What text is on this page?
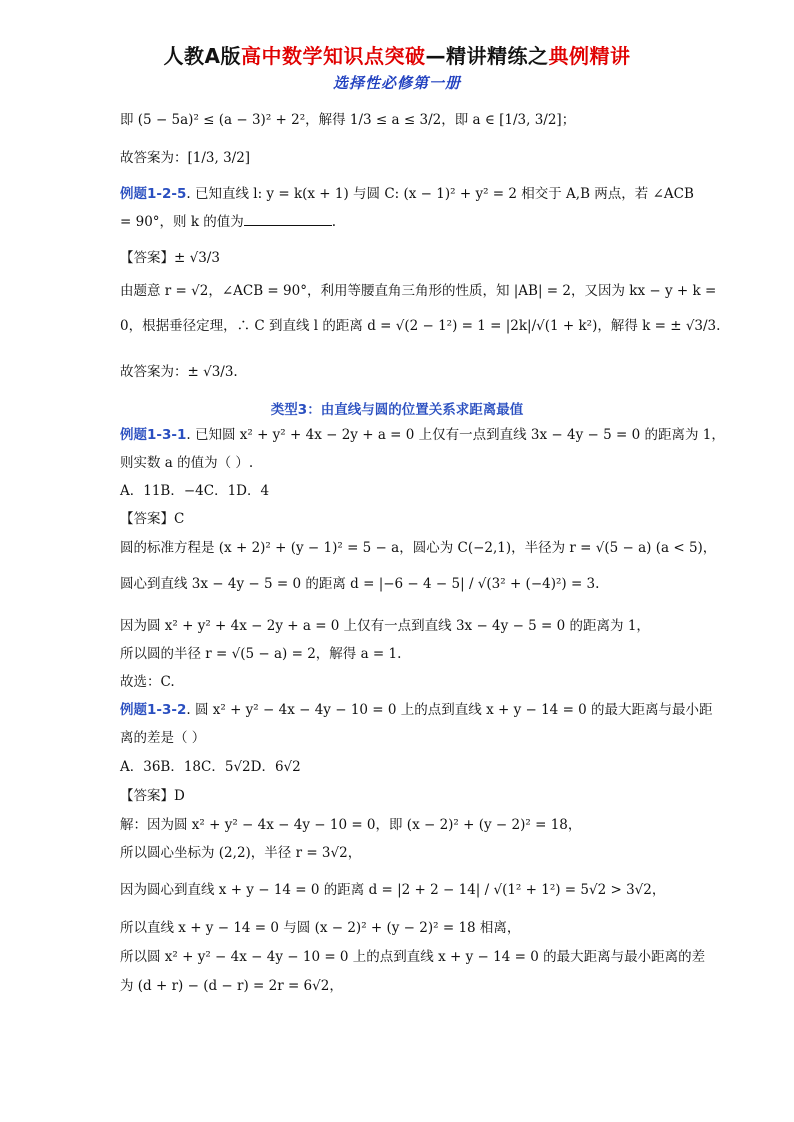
人教A版高中数学知识点突破—精讲精练之典例精讲
选择性必修第一册
即 (5 − 5a)² ≤ (a − 3)² + 2²，解得 1/3 ≤ a ≤ 3/2，即 a ∈ [1/3, 3/2]；
故答案为：[1/3, 3/2]
例题1-2-5. 已知直线 l: y = k(x + 1) 与圆 C: (x − 1)² + y² = 2 相交于 A,B 两点，若 ∠ACB
= 90°，则 k 的值为	.
【答案】± √3/3
由题意 r = √2，∠ACB = 90°，利用等腰直角三角形的性质，知 |AB| = 2，又因为 kx − y + k =
0，根据垂径定理，∴ C 到直线 l 的距离 d = √(2 − 1²) = 1 = |2k|/√(1 + k²)，解得 k = ± √3/3.
故答案为：± √3/3.
类型3：由直线与圆的位置关系求距离最值
例题1-3-1. 已知圆 x² + y² + 4x − 2y + a = 0 上仅有一点到直线 3x − 4y − 5 = 0 的距离为 1，
则实数 a 的值为（ ）.
A．11B．−4C．1D．4
【答案】C
圆的标准方程是 (x + 2)² + (y − 1)² = 5 − a，圆心为 C(−2,1)，半径为 r = √(5 − a) (a < 5)，
圆心到直线 3x − 4y − 5 = 0 的距离 d = |−6 − 4 − 5| / √(3² + (−4)²) = 3.
因为圆 x² + y² + 4x − 2y + a = 0 上仅有一点到直线 3x − 4y − 5 = 0 的距离为 1，
所以圆的半径 r = √(5 − a) = 2，解得 a = 1.
故选：C.
例题1-3-2. 圆 x² + y² − 4x − 4y − 10 = 0 上的点到直线 x + y − 14 = 0 的最大距离与最小距
离的差是（ ）
A．36B．18C．5√2D．6√2
【答案】D
解：因为圆 x² + y² − 4x − 4y − 10 = 0，即 (x − 2)² + (y − 2)² = 18，
所以圆心坐标为 (2,2)，半径 r = 3√2，
因为圆心到直线 x + y − 14 = 0 的距离 d = |2 + 2 − 14| / √(1² + 1²) = 5√2 > 3√2，
所以直线 x + y − 14 = 0 与圆 (x − 2)² + (y − 2)² = 18 相离，
所以圆 x² + y² − 4x − 4y − 10 = 0 上的点到直线 x + y − 14 = 0 的最大距离与最小距离的差
为 (d + r) − (d − r) = 2r = 6√2，
